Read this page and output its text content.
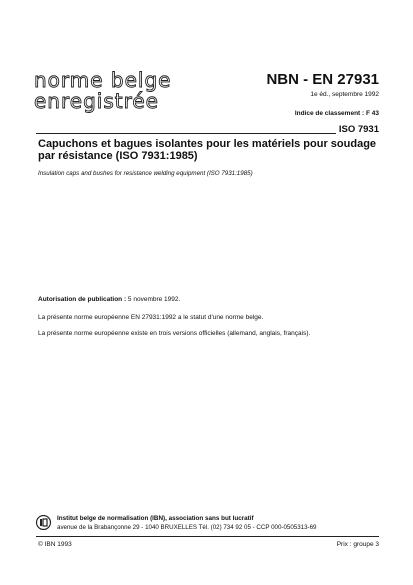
norme belge
enregistrée
NBN - EN 27931
1e éd., septembre 1992
Indice de classement : F 43
ISO 7931
Capuchons et bagues isolantes pour les matériels pour soudage par résistance (ISO 7931:1985)
Insulation caps and bushes for resistance welding equipment (ISO 7931:1985)
Autorisation de publication : 5 novembre 1992.
La présente norme européenne EN 27931:1992 a le statut d'une norme belge.
La présente norme européenne existe en trois versions officielles (allemand, anglais, français).
Institut belge de normalisation (IBN), association sans but lucratif
avenue de la Brabançonne 29 - 1040 BRUXELLES Tél. (02) 734 92 05 - CCP 000-0505313-69
© IBN 1993	Prix : groupe 3
